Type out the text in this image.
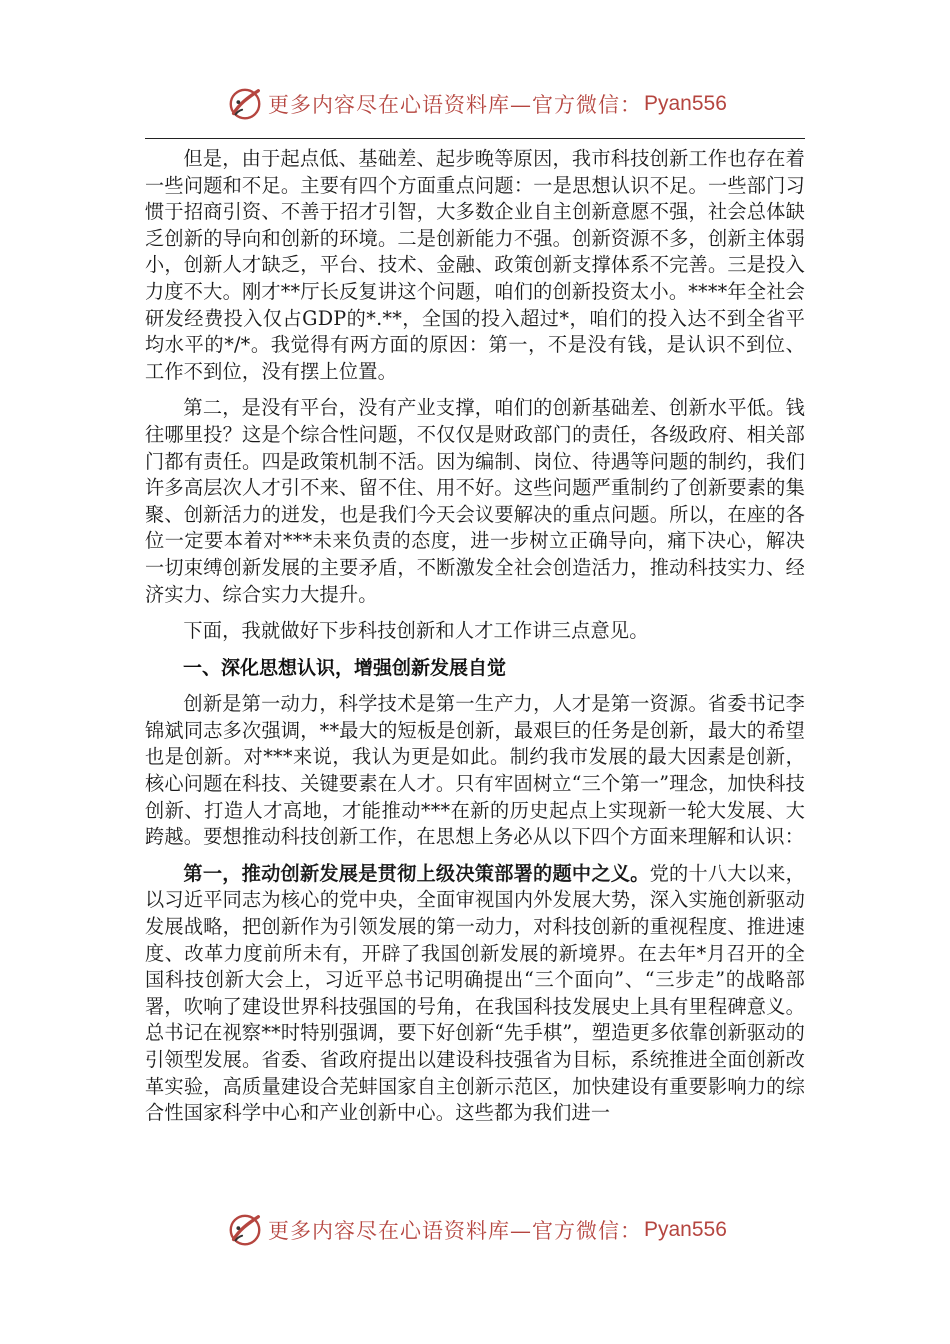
更多内容尽在心语资料库—官方微信： Pyan556

但是，由于起点低、基础差、起步晚等原因，我市科技创新工作也存在着一些问题和不足。主要有四个方面重点问题：一是思想认识不足。一些部门习惯于招商引资、不善于招才引智，大多数企业自主创新意愿不强，社会总体缺乏创新的导向和创新的环境。二是创新能力不强。创新资源不多，创新主体弱小，创新人才缺乏，平台、技术、金融、政策创新支撑体系不完善。三是投入力度不大。刚才**厅长反复讲这个问题，咱们的创新投资太小。****年全社会研发经费投入仅占GDP的*.**，全国的投入超过*，咱们的投入达不到全省平均水平的*/*。我觉得有两方面的原因：第一，不是没有钱，是认识不到位、工作不到位，没有摆上位置。

第二，是没有平台，没有产业支撑，咱们的创新基础差、创新水平低。钱往哪里投？这是个综合性问题，不仅仅是财政部门的责任，各级政府、相关部门都有责任。四是政策机制不活。因为编制、岗位、待遇等问题的制约，我们许多高层次人才引不来、留不住、用不好。这些问题严重制约了创新要素的集聚、创新活力的迸发，也是我们今天会议要解决的重点问题。所以，在座的各位一定要本着对***未来负责的态度，进一步树立正确导向，痛下决心，解决一切束缚创新发展的主要矛盾，不断激发全社会创造活力，推动科技实力、经济实力、综合实力大提升。

下面，我就做好下步科技创新和人才工作讲三点意见。

一、深化思想认识，增强创新发展自觉

创新是第一动力，科学技术是第一生产力，人才是第一资源。省委书记李锦斌同志多次强调，**最大的短板是创新，最艰巨的任务是创新，最大的希望也是创新。对***来说，我认为更是如此。制约我市发展的最大因素是创新，核心问题在科技、关键要素在人才。只有牢固树立“三个第一”理念，加快科技创新、打造人才高地，才能推动***在新的历史起点上实现新一轮大发展、大跨越。要想推动科技创新工作，在思想上务必从以下四个方面来理解和认识：

第一，推动创新发展是贯彻上级决策部署的题中之义。党的十八大以来，以习近平同志为核心的党中央，全面审视国内外发展大势，深入实施创新驱动发展战略，把创新作为引领发展的第一动力，对科技创新的重视程度、推进速度、改革力度前所未有，开辟了我国创新发展的新境界。在去年*月召开的全国科技创新大会上，习近平总书记明确提出“三个面向”、“三步走”的战略部署，吹响了建设世界科技强国的号角，在我国科技发展史上具有里程碑意义。总书记在视察**时特别强调，要下好创新“先手棋”，塑造更多依靠创新驱动的引领型发展。省委、省政府提出以建设科技强省为目标，系统推进全面创新改革实验，高质量建设合芜蚌国家自主创新示范区，加快建设有重要影响力的综合性国家科学中心和产业创新中心。这些都为我们进一

更多内容尽在心语资料库—官方微信： Pyan556
